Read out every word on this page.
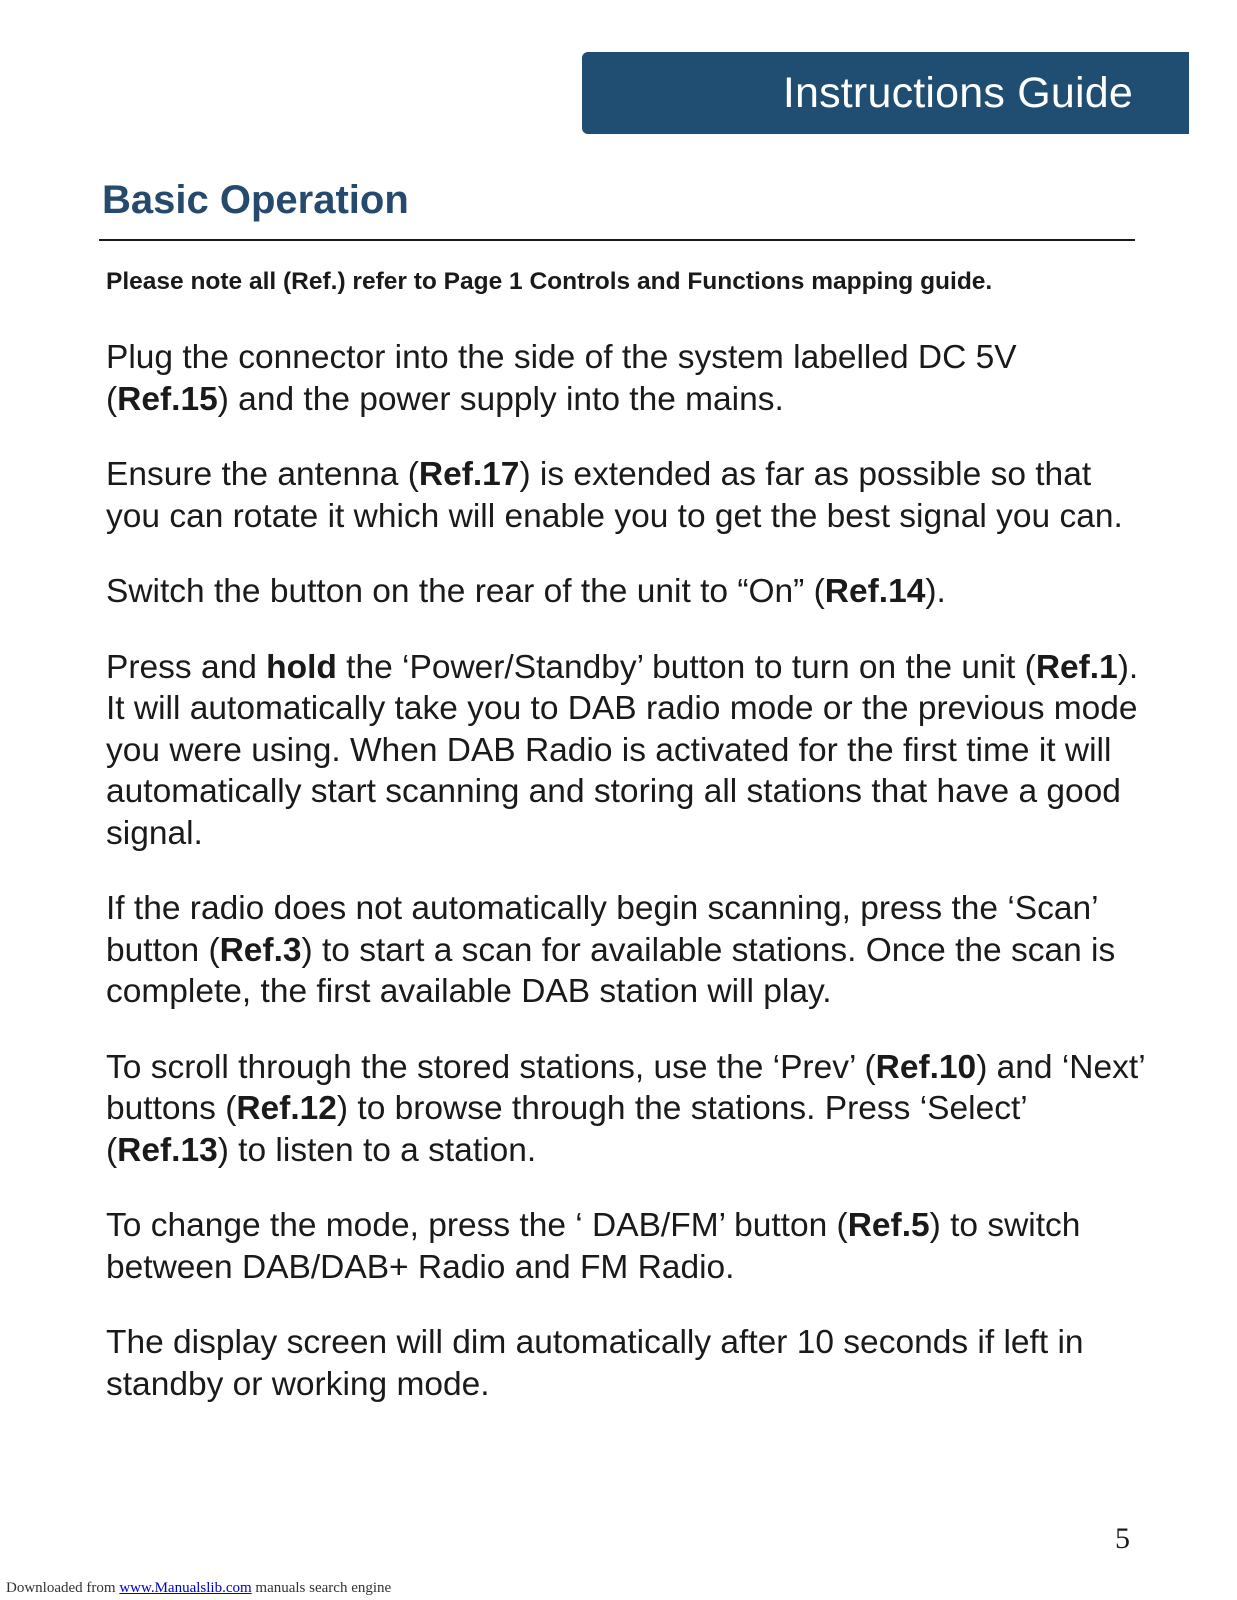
Instructions Guide
Basic Operation
Please note all (Ref.) refer to Page 1 Controls and Functions mapping guide.

Plug the connector into the side of the system labelled DC 5V (Ref.15) and the power supply into the mains.

Ensure the antenna (Ref.17) is extended as far as possible so that you can rotate it which will enable you to get the best signal you can.

Switch the button on the rear of the unit to “On” (Ref.14).

Press and hold the ‘Power/Standby’ button to turn on the unit (Ref.1). It will automatically take you to DAB radio mode or the previous mode you were using. When DAB Radio is activated for the first time it will automatically start scanning and storing all stations that have a good signal.

If the radio does not automatically begin scanning, press the ‘Scan’ button (Ref.3) to start a scan for available stations. Once the scan is complete, the first available DAB station will play.

To scroll through the stored stations, use the ‘Prev’ (Ref.10) and ‘Next’ buttons (Ref.12) to browse through the stations. Press ‘Select’ (Ref.13) to listen to a station.

To change the mode, press the ‘ DAB/FM’ button (Ref.5) to switch between DAB/DAB+ Radio and FM Radio.

The display screen will dim automatically after 10 seconds if left in standby or working mode.

5
Downloaded from www.Manualslib.com manuals search engine
